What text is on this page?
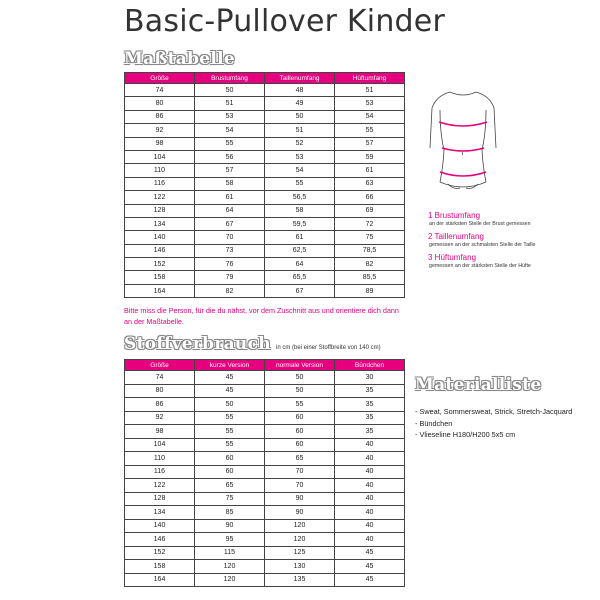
Basic-Pullover Kinder
Maßtabelle
Größe	Brustumfang	Taillenumfang	Hüftumfang
74	50	48	51
80	51	49	53
86	53	50	54
92	54	51	55
98	55	52	57
104	56	53	59
110	57	54	61
116	58	55	63
122	61	56,5	66
128	64	58	69
134	67	59,5	72
140	70	61	75
146	73	62,5	78,5
152	76	64	82
158	79	65,5	85,5
164	82	67	89
Bitte miss die Person, für die du nähst, vor dem Zuschnitt aus und orientiere dich dann an der Maßtabelle.
1 Brustumfang
an der stärksten Stelle der Brust gemessen
2 Taillenumfang
gemessen an der schmalsten Stelle der Taille
3 Hüftumfang
gemessen an der stärksten Stelle der Hüfte
Stoffverbrauch in cm (bei einer Stoffbreite von 140 cm)
Größe	kurze Version	normale Version	Bündchen
74	45	50	30
80	45	50	35
86	50	55	35
92	55	60	35
98	55	60	35
104	55	60	40
110	60	65	40
116	60	70	40
122	65	70	40
128	75	90	40
134	85	90	40
140	90	120	40
146	95	120	40
152	115	125	45
158	120	130	45
164	120	135	45
Materialliste
- Sweat, Sommersweat, Strick, Stretch-Jacquard
- Bündchen
- Vlieseline H180/H200 5x5 cm
